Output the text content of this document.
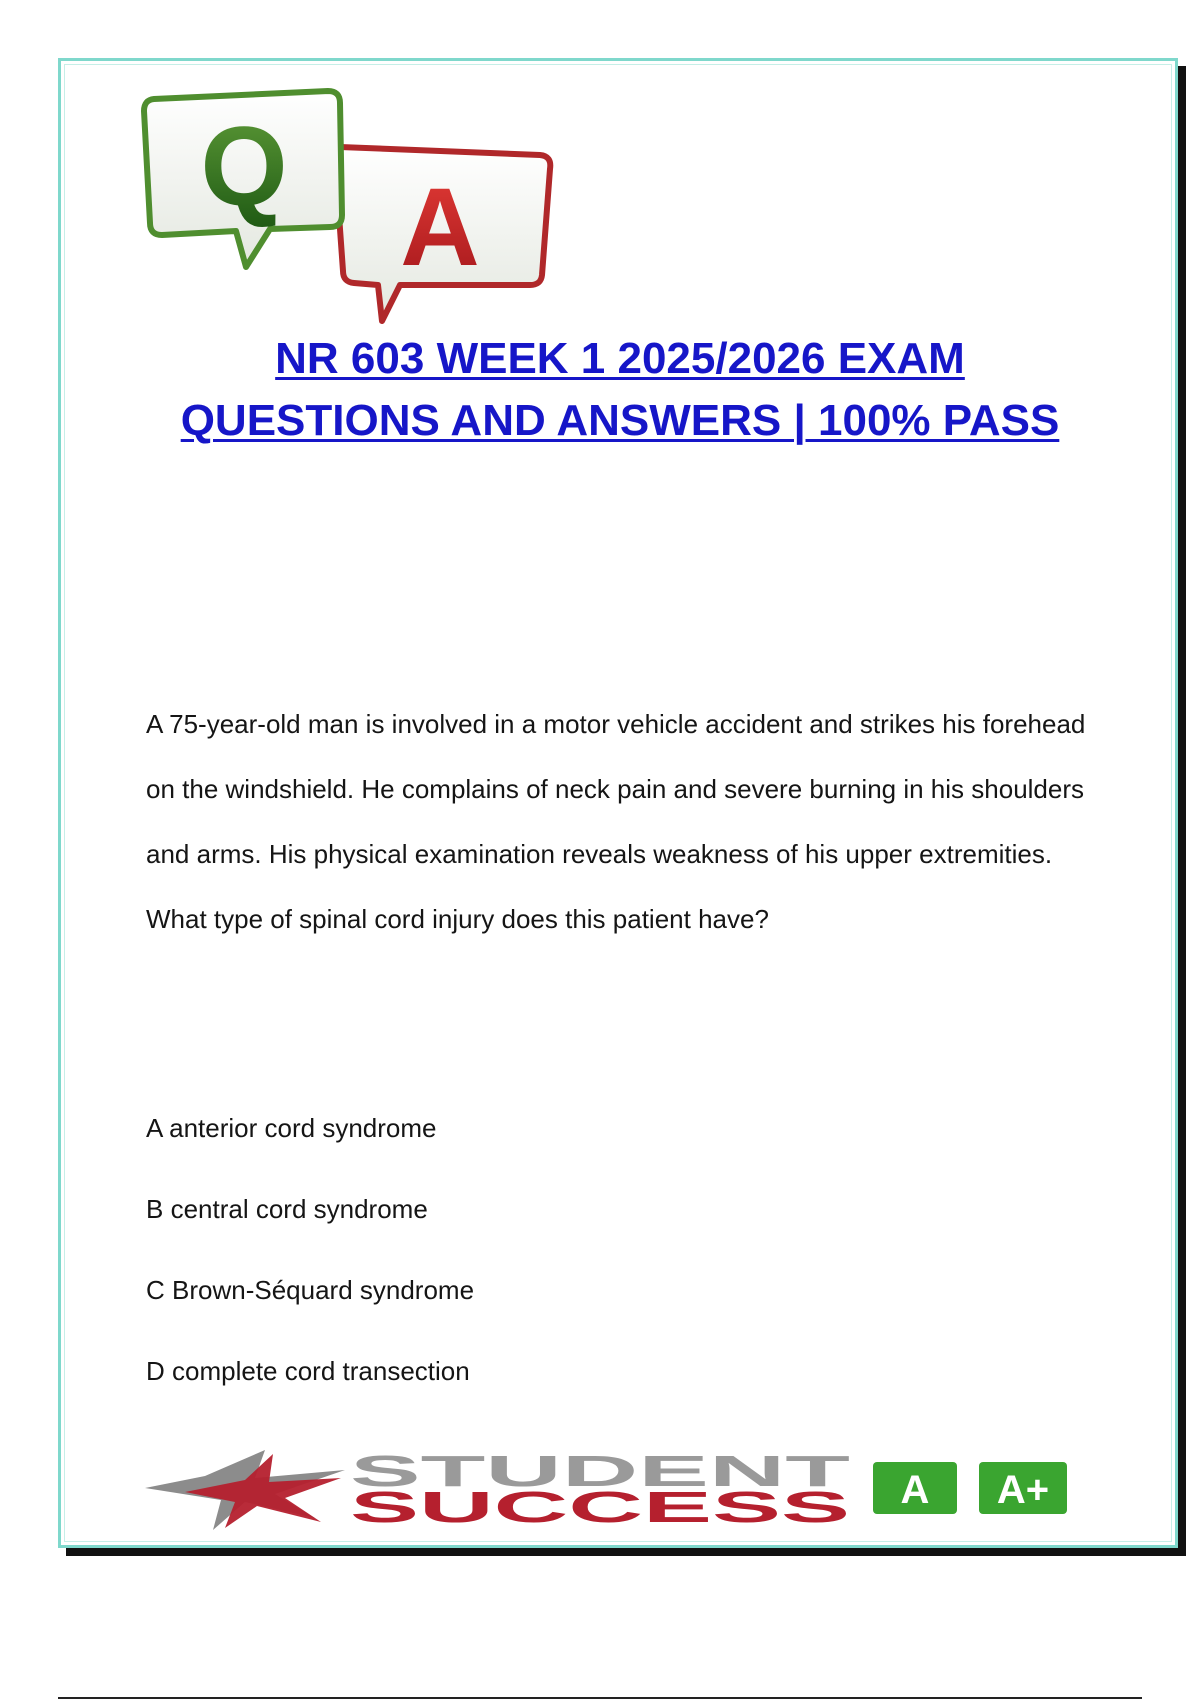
A
Q
NR 603 WEEK 1 2025/2026 EXAM QUESTIONS AND ANSWERS | 100% PASS

A 75-year-old man is involved in a motor vehicle accident and strikes his forehead on the windshield. He complains of neck pain and severe burning in his shoulders and arms. His physical examination reveals weakness of his upper extremities. What type of spinal cord injury does this patient have?

A anterior cord syndrome
B central cord syndrome
C Brown-Séquard syndrome
D complete cord transection
STUDENT
SUCCESS A A+
